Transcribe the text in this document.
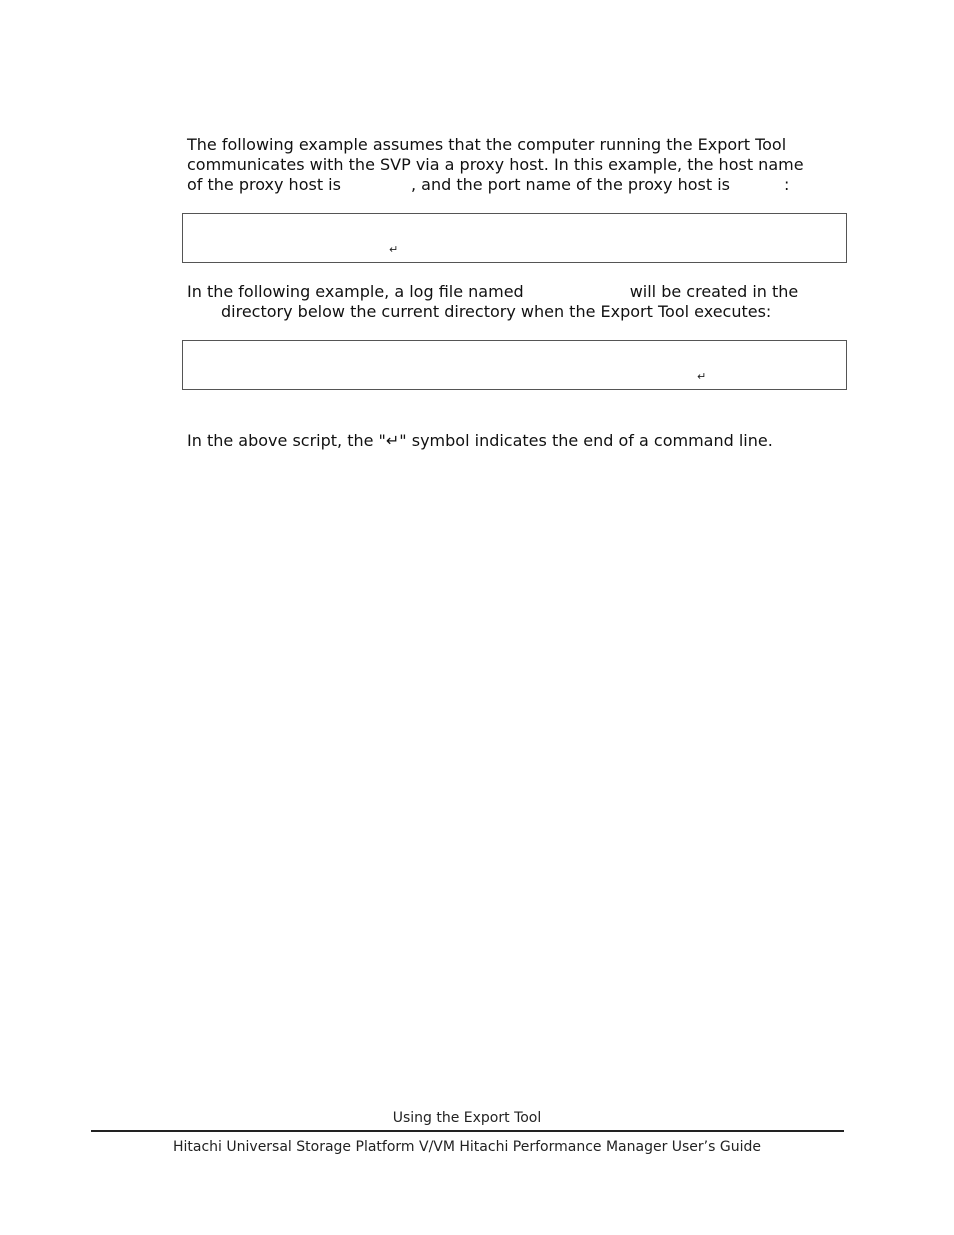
The following example assumes that the computer running the Export Tool
communicates with the SVP via a proxy host. In this example, the host name
of the proxy host is	, and the port name of the proxy host is	:
↵
In the following example, a log file named	will be created in the
directory below the current directory when the Export Tool executes:
↵
In the above script, the "↵" symbol indicates the end of a command line.
Using the Export Tool
Hitachi Universal Storage Platform V/VM Hitachi Performance Manager User’s Guide
